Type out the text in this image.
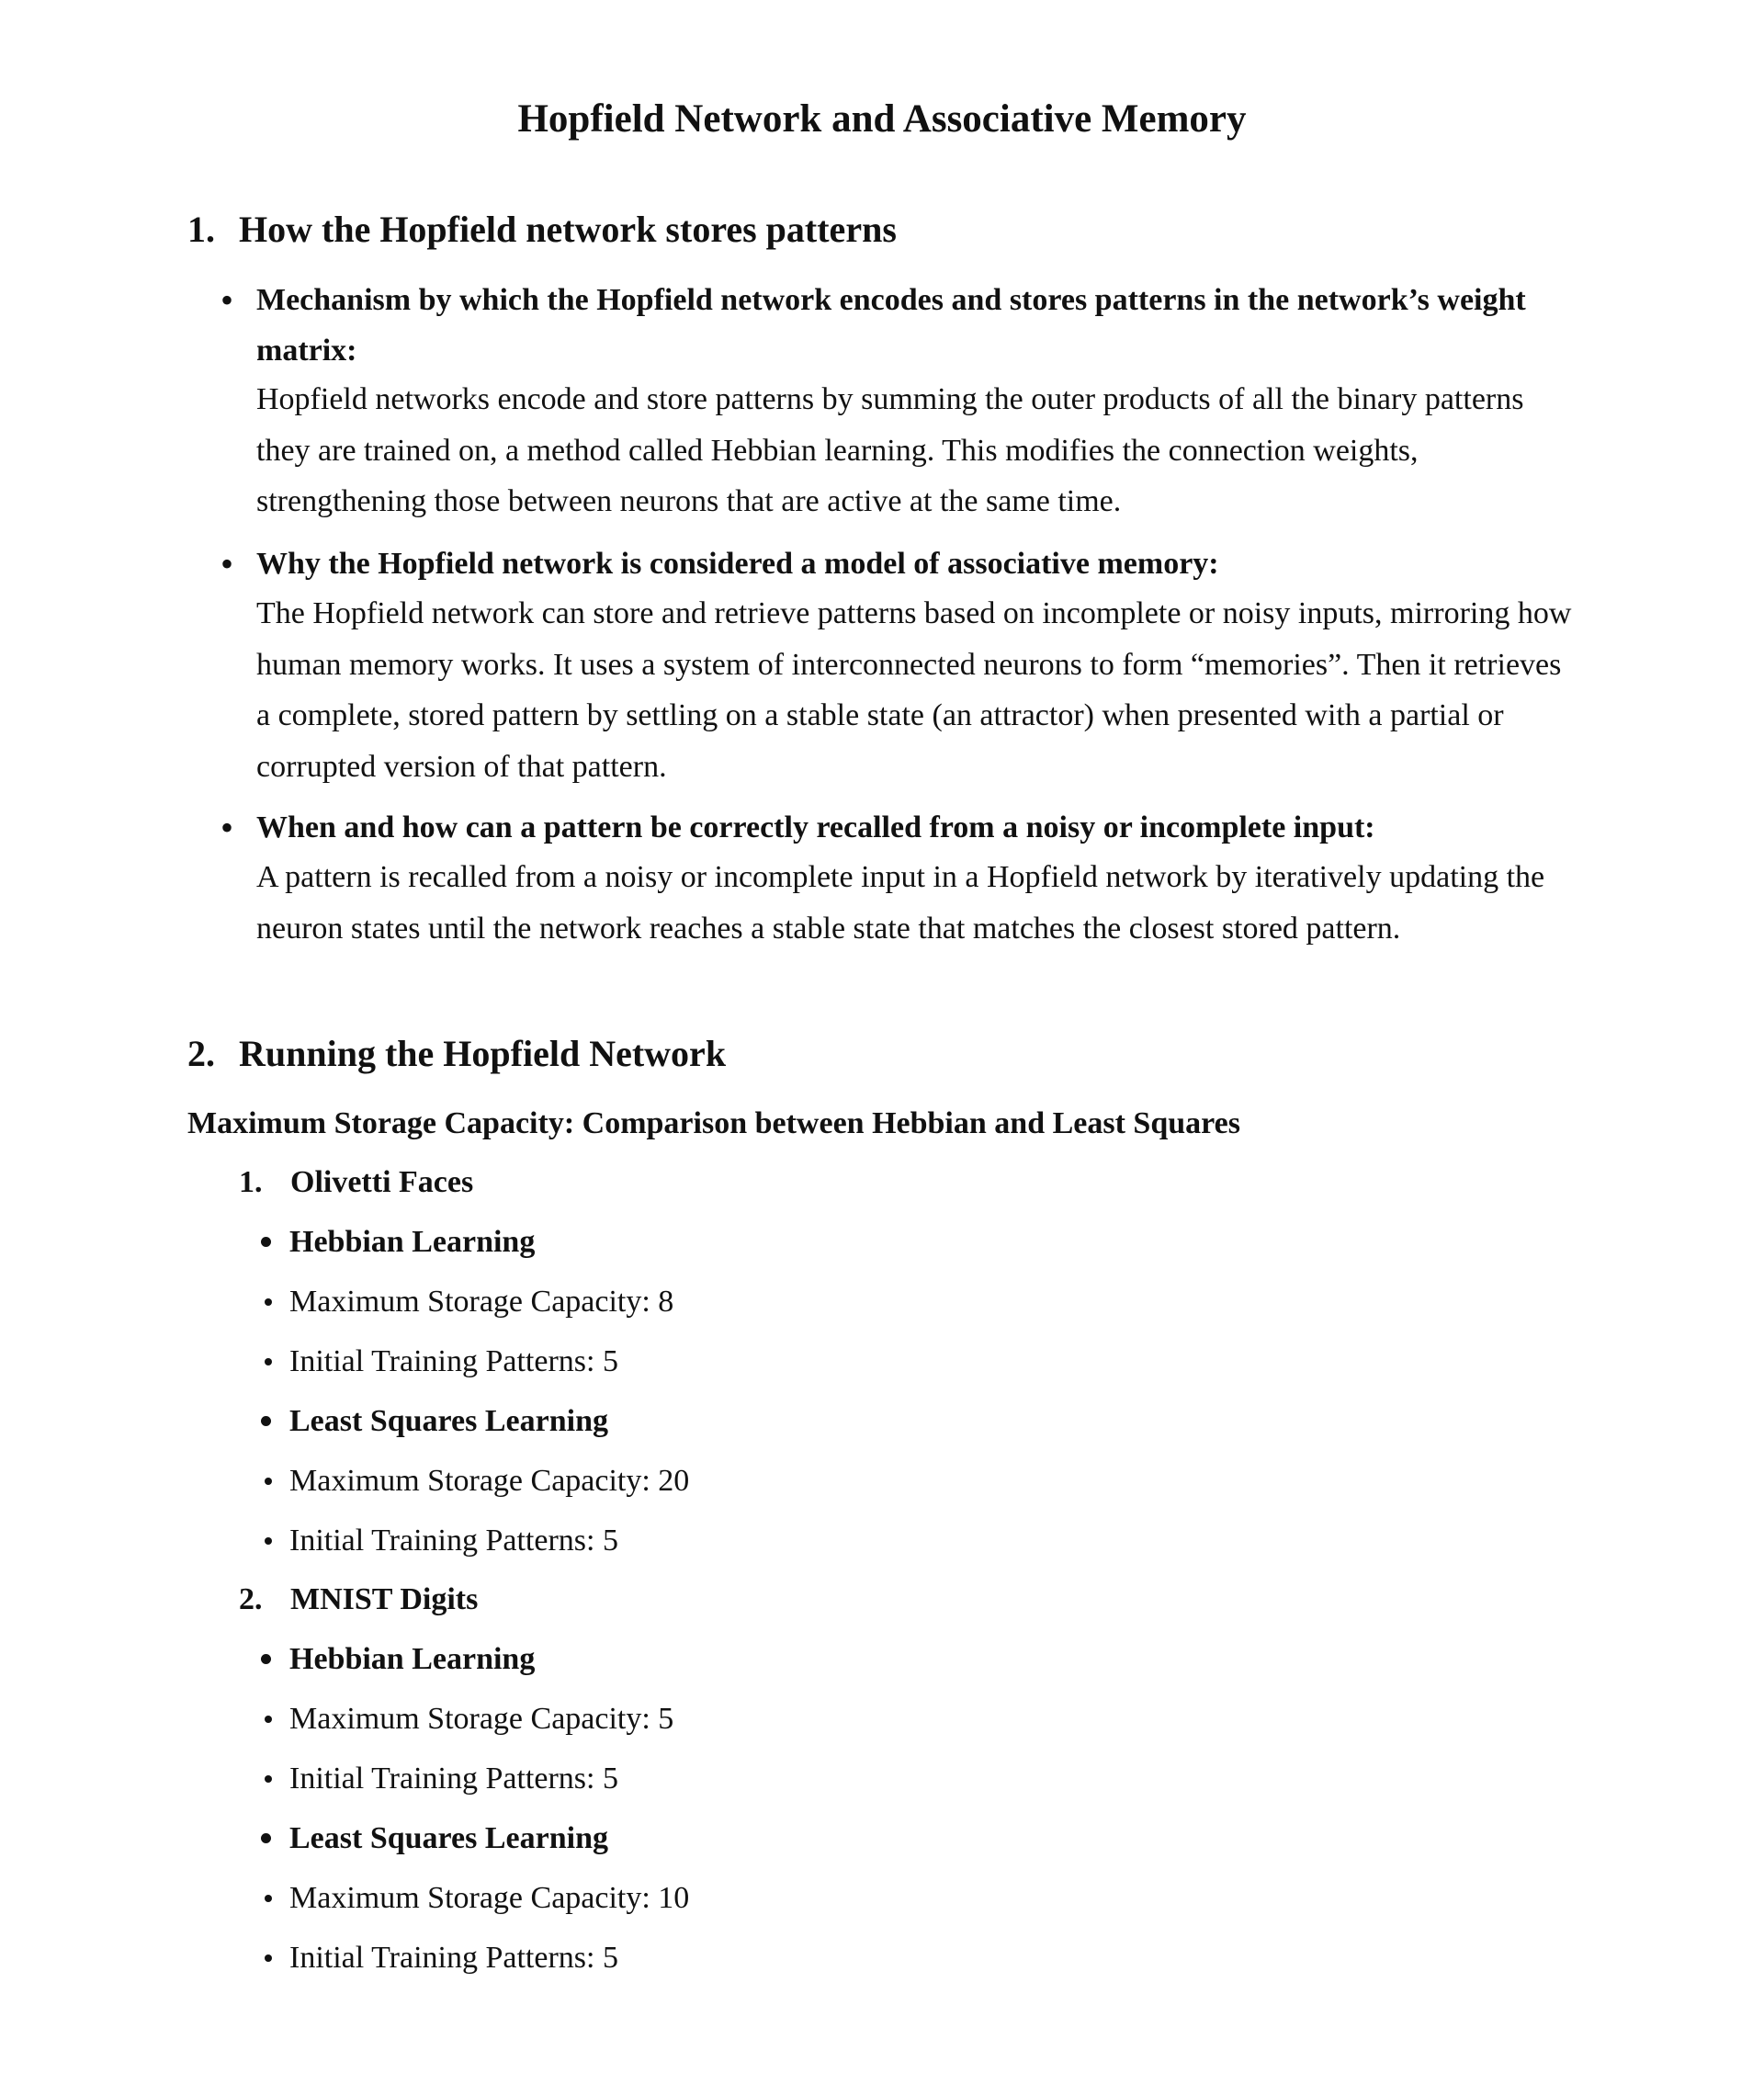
Hopfield Network and Associative Memory
1. How the Hopfield network stores patterns
• Mechanism by which the Hopfield network encodes and stores patterns in the network’s weight matrix:
Hopfield networks encode and store patterns by summing the outer products of all the binary patterns they are trained on, a method called Hebbian learning. This modifies the connection weights, strengthening those between neurons that are active at the same time.
• Why the Hopfield network is considered a model of associative memory:
The Hopfield network can store and retrieve patterns based on incomplete or noisy inputs, mirroring how human memory works. It uses a system of interconnected neurons to form “memories”. Then it retrieves a complete, stored pattern by settling on a stable state (an attractor) when presented with a partial or corrupted version of that pattern.
• When and how can a pattern be correctly recalled from a noisy or incomplete input:
A pattern is recalled from a noisy or incomplete input in a Hopfield network by iteratively updating the neuron states until the network reaches a stable state that matches the closest stored pattern.
2. Running the Hopfield Network
Maximum Storage Capacity: Comparison between Hebbian and Least Squares
1. Olivetti Faces
Hebbian Learning
Maximum Storage Capacity: 8
Initial Training Patterns: 5
Least Squares Learning
Maximum Storage Capacity: 20
Initial Training Patterns: 5
2. MNIST Digits
Hebbian Learning
Maximum Storage Capacity: 5
Initial Training Patterns: 5
Least Squares Learning
Maximum Storage Capacity: 10
Initial Training Patterns: 5
